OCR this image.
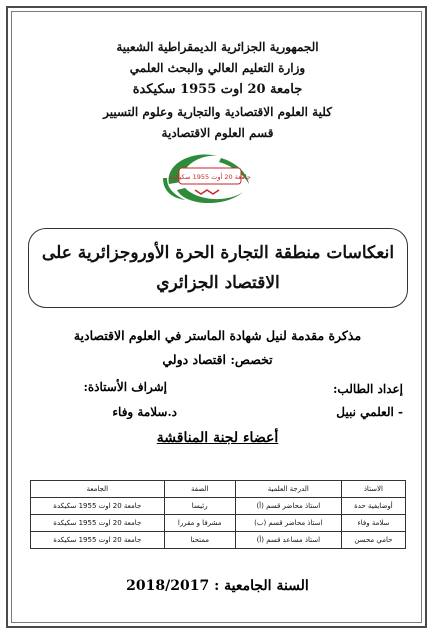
الجمهورية الجزائرية الديمقراطية الشعبية
وزارة التعليم العالي والبحث العلمي
جامعة 20 اوت 1955 سكيكدة
كلية العلوم الاقتصادية والتجارية وعلوم التسيير
قسم العلوم الاقتصادية
جامعة 20 أوت 1955 سكيكدة
انعكاسات منطقة التجارة الحرة الأوروجزائرية على
الاقتصاد الجزائري
مذكرة مقدمة لنيل شهادة الماستر في العلوم الاقتصادية
تخصص: اقتصاد دولي
إعداد الطالب:
- العلمي نبيل
إشراف الأستاذة:
د.سلامة وفاء
أعضاء لجنة المناقشة
الاستاذ	الدرجة العلمية	الصفة	الجامعة
أوضايفية حدة	استاذ محاضر قسم (أ)	رئيسا	جامعة 20 اوت 1955 سكيكدة
سلامة وفاء	استاذ محاضر قسم (ب)	مشرفا و مقررا	جامعة 20 اوت 1955 سكيكدة
حامي محسن	استاذ مساعد قسم (أ)	ممتحنا	جامعة 20 اوت 1955 سكيكدة
السنة الجامعية : 2018/2017
